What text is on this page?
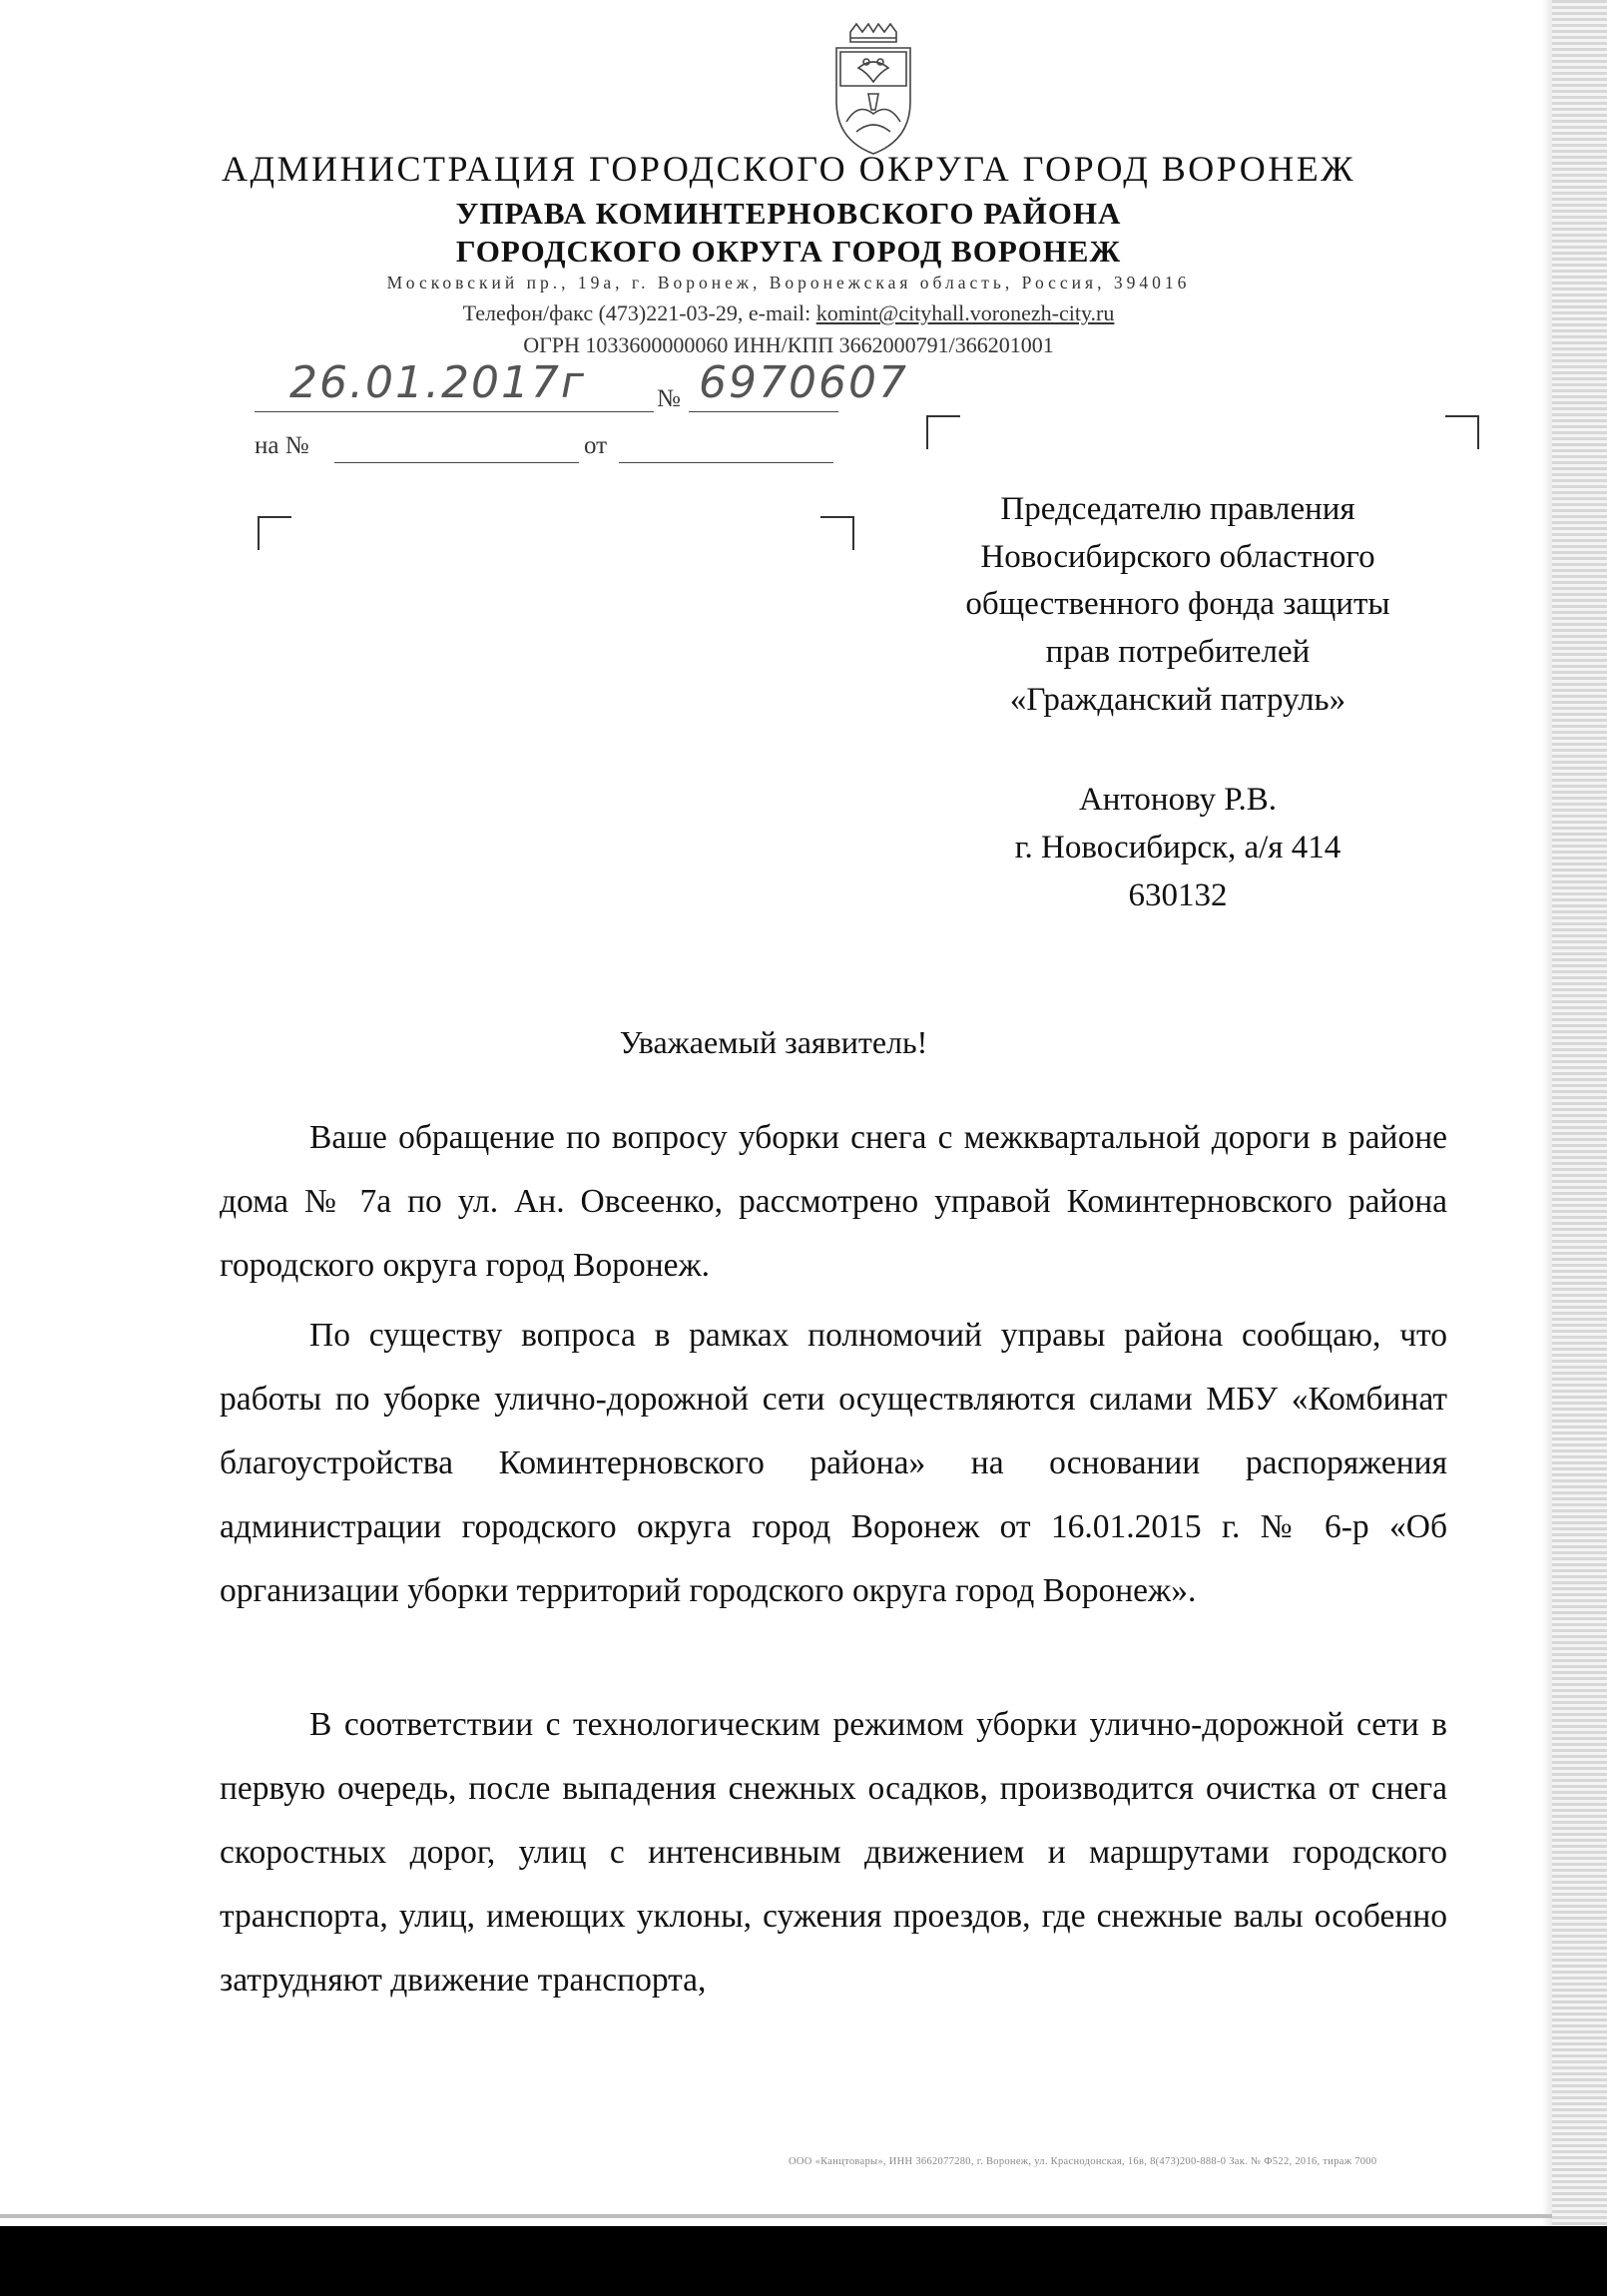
АДМИНИСТРАЦИЯ ГОРОДСКОГО ОКРУГА ГОРОД ВОРОНЕЖ
УПРАВА КОМИНТЕРНОВСКОГО РАЙОНА
ГОРОДСКОГО ОКРУГА ГОРОД ВОРОНЕЖ
Московский пр., 19а, г. Воронеж, Воронежская область, Россия, 394016
Телефон/факс (473)221-03-29, e-mail: komint@cityhall.voronezh-city.ru
ОГРН 1033600000060 ИНН/КПП 3662000791/366201001
26.01.2017г	№ 6970607
на №	от
Председателю правления
Новосибирского областного
общественного фонда защиты
прав потребителей
«Гражданский патруль»
Антонову Р.В.
г. Новосибирск, а/я 414
630132
Уважаемый заявитель!

Ваше обращение по вопросу уборки снега с межквартальной дороги в районе дома № 7а по ул. Ан. Овсеенко, рассмотрено управой Коминтерновского района городского округа город Воронеж.

По существу вопроса в рамках полномочий управы района сообщаю, что работы по уборке улично-дорожной сети осуществляются силами МБУ «Комбинат благоустройства Коминтерновского района» на основании распоряжения администрации городского округа город Воронеж от 16.01.2015 г. № 6-р «Об организации уборки территорий городского округа город Воронеж».

В соответствии с технологическим режимом уборки улично-дорожной сети в первую очередь, после выпадения снежных осадков, производится очистка от снега скоростных дорог, улиц с интенсивным движением и маршрутами городского транспорта, улиц, имеющих уклоны, сужения проездов, где снежные валы особенно затрудняют движение транспорта,

ООО «Канцтовары», ИНН 3662077280, г. Воронеж, ул. Краснодонская, 16в, 8(473)200-888-0 Зак. № Ф522, 2016, тираж 7000
